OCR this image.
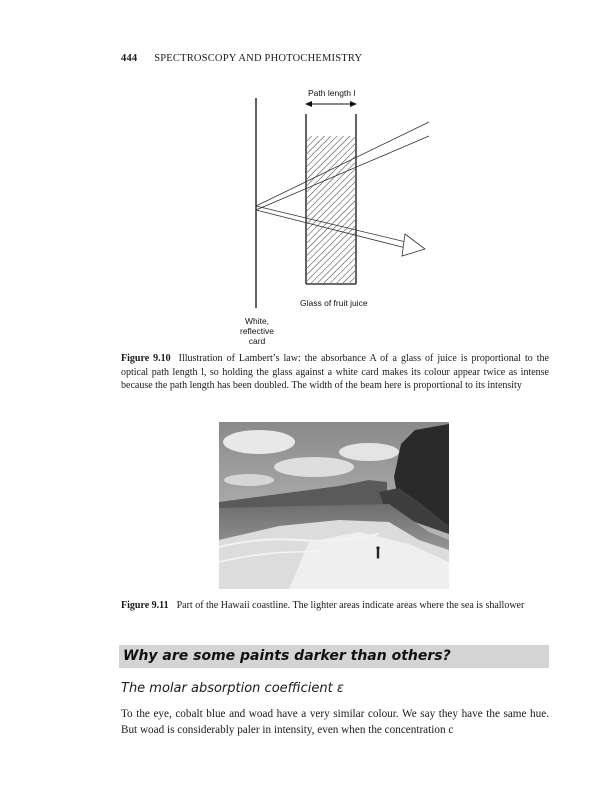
444 SPECTROSCOPY AND PHOTOCHEMISTRY
Path length l
Glass of fruit juice
White,
reflective
card

Figure 9.10 Illustration of Lambert’s law: the absorbance A of a glass of juice is proportional to the optical path length l, so holding the glass against a white card makes its colour appear twice as intense because the path length has been doubled. The width of the beam here is proportional to its intensity

Figure 9.11 Part of the Hawaii coastline. The lighter areas indicate areas where the sea is shallower

Why are some paints darker than others?
The molar absorption coefficient ε

To the eye, cobalt blue and woad have a very similar colour. We say they have the same hue. But woad is considerably paler in intensity, even when the concentration c
